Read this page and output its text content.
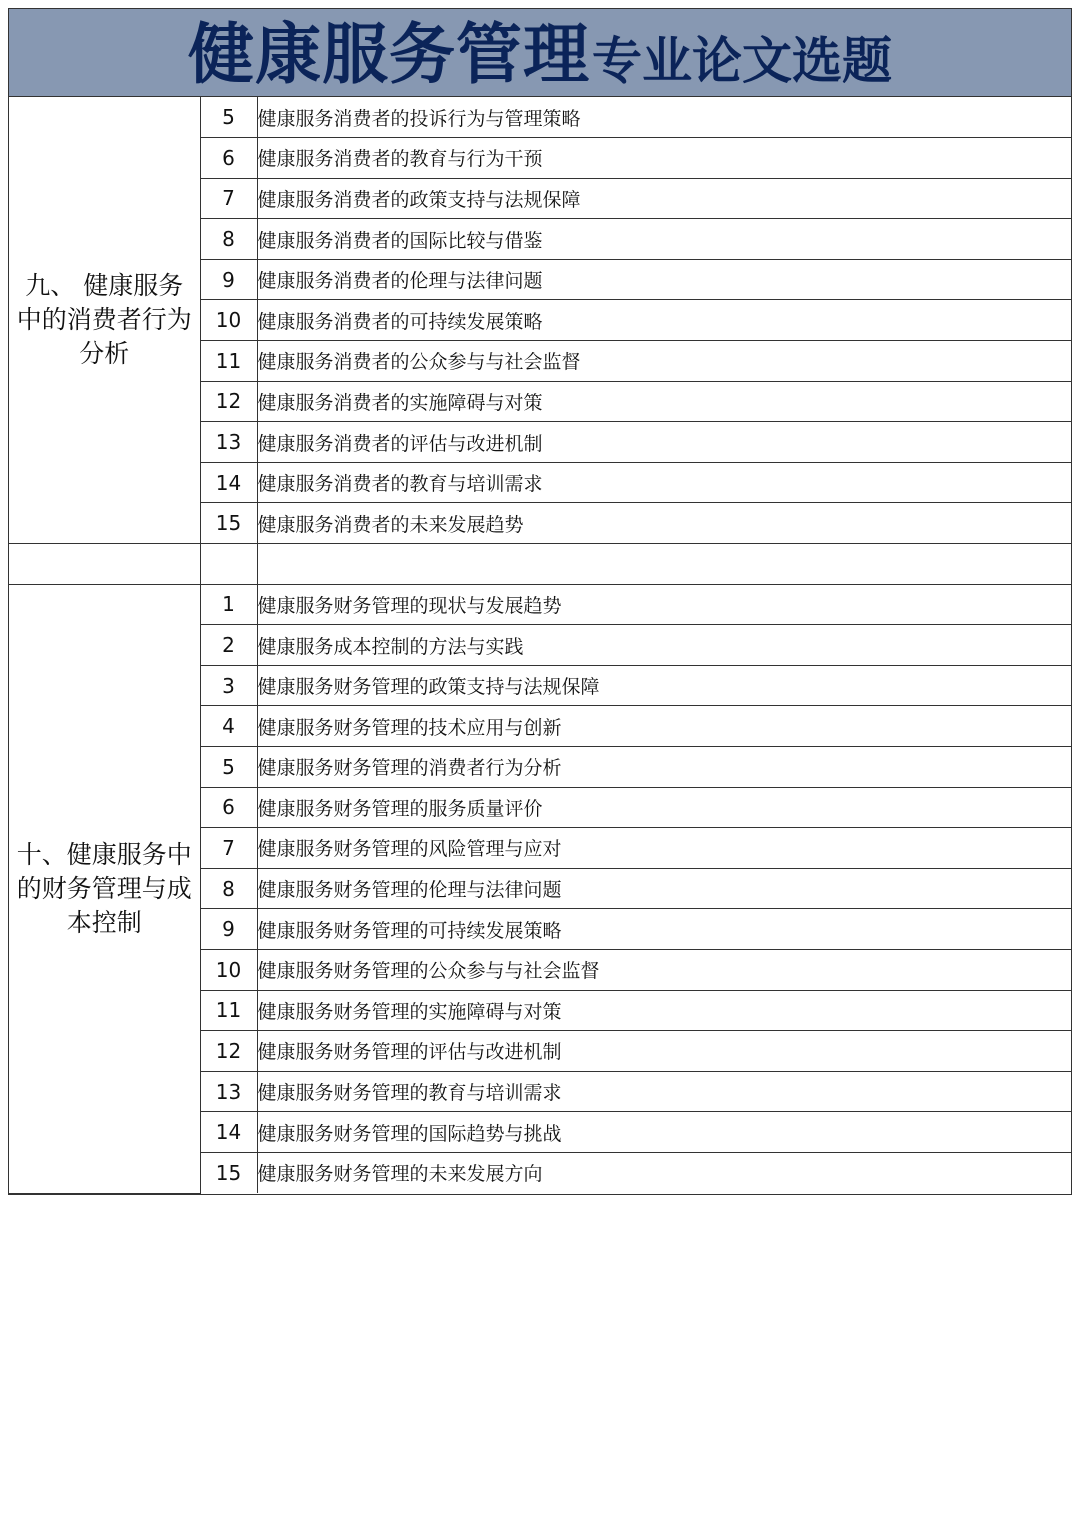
健康服务管理 专业论文选题
九、 健康服务
中的消费者行为
分析	5	健康服务消费者的投诉行为与管理策略
	6	健康服务消费者的教育与行为干预
	7	健康服务消费者的政策支持与法规保障
	8	健康服务消费者的国际比较与借鉴
	9	健康服务消费者的伦理与法律问题
	10	健康服务消费者的可持续发展策略
	11	健康服务消费者的公众参与与社会监督
	12	健康服务消费者的实施障碍与对策
	13	健康服务消费者的评估与改进机制
	14	健康服务消费者的教育与培训需求
	15	健康服务消费者的未来发展趋势

十、健康服务中
的财务管理与成
本控制	1	健康服务财务管理的现状与发展趋势
	2	健康服务成本控制的方法与实践
	3	健康服务财务管理的政策支持与法规保障
	4	健康服务财务管理的技术应用与创新
	5	健康服务财务管理的消费者行为分析
	6	健康服务财务管理的服务质量评价
	7	健康服务财务管理的风险管理与应对
	8	健康服务财务管理的伦理与法律问题
	9	健康服务财务管理的可持续发展策略
	10	健康服务财务管理的公众参与与社会监督
	11	健康服务财务管理的实施障碍与对策
	12	健康服务财务管理的评估与改进机制
	13	健康服务财务管理的教育与培训需求
	14	健康服务财务管理的国际趋势与挑战
	15	健康服务财务管理的未来发展方向
